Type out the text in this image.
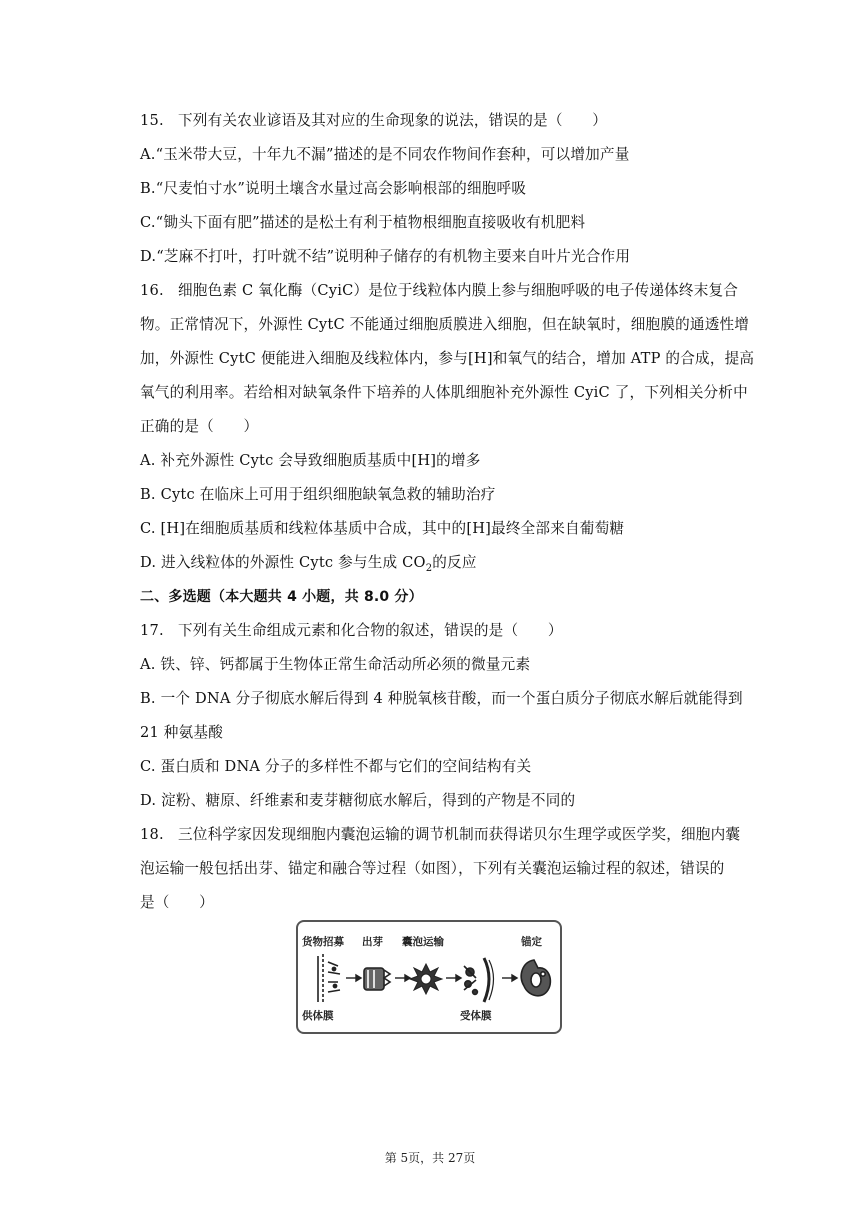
15. 下列有关农业谚语及其对应的生命现象的说法，错误的是（　　）
A.“玉米带大豆，十年九不漏”描述的是不同农作物间作套种，可以增加产量
B.“尺麦怕寸水”说明土壤含水量过高会影响根部的细胞呼吸
C.“锄头下面有肥”描述的是松土有利于植物根细胞直接吸收有机肥料
D.“芝麻不打叶，打叶就不结”说明种子储存的有机物主要来自叶片光合作用
16. 细胞色素 C 氧化酶（CyiC）是位于线粒体内膜上参与细胞呼吸的电子传递体终末复合
物。正常情况下，外源性 CytC 不能通过细胞质膜进入细胞，但在缺氧时，细胞膜的通透性增
加，外源性 CytC 便能进入细胞及线粒体内，参与[H]和氧气的结合，增加 ATP 的合成，提高
氧气的利用率。若给相对缺氧条件下培养的人体肌细胞补充外源性 CyiC 了，下列相关分析中
正确的是（　　）
A. 补充外源性 Cytc 会导致细胞质基质中[H]的增多
B. Cytc 在临床上可用于组织细胞缺氧急救的辅助治疗
C. [H]在细胞质基质和线粒体基质中合成，其中的[H]最终全部来自葡萄糖
D. 进入线粒体的外源性 Cytc 参与生成 $CO_2$的反应
二、多选题（本大题共 4 小题，共 8.0 分）
17. 下列有关生命组成元素和化合物的叙述，错误的是（　　）
A. 铁、锌、钙都属于生物体正常生命活动所必须的微量元素
B. 一个 DNA 分子彻底水解后得到 4 种脱氧核苷酸，而一个蛋白质分子彻底水解后就能得到
21 种氨基酸
C. 蛋白质和 DNA 分子的多样性不都与它们的空间结构有关
D. 淀粉、糖原、纤维素和麦芽糖彻底水解后，得到的产物是不同的
18. 三位科学家因发现细胞内囊泡运输的调节机制而获得诺贝尔生理学或医学奖，细胞内囊
泡运输一般包括出芽、锚定和融合等过程（如图），下列有关囊泡运输过程的叙述，错误的
是（　　）
货物招募 出芽 囊泡运输	锚定
供体膜	受体膜
第 5页，共 27页
